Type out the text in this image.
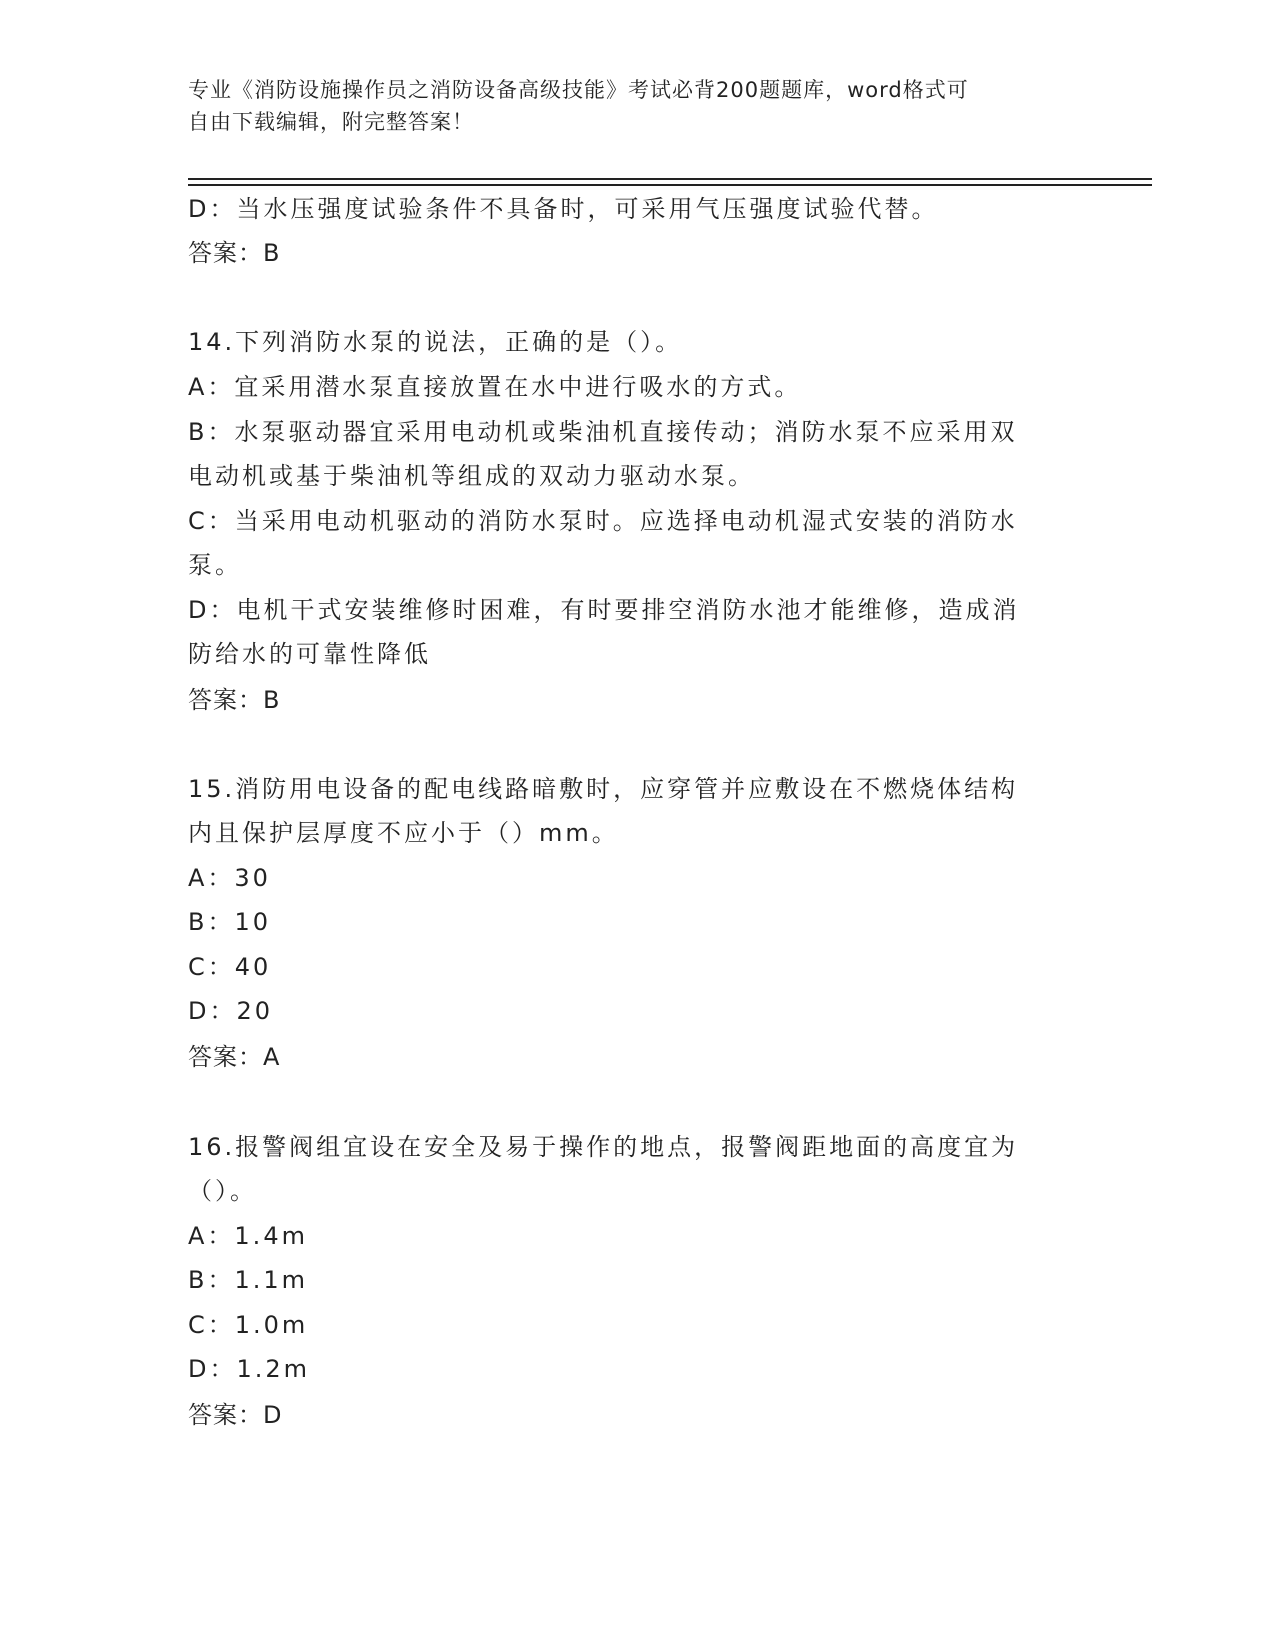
专业《消防设施操作员之消防设备高级技能》考试必背200题题库，word格式可
自由下载编辑，附完整答案！
D：当水压强度试验条件不具备时，可采用气压强度试验代替。
答案：B
14.下列消防水泵的说法，正确的是（）。
A：宜采用潜水泵直接放置在水中进行吸水的方式。
B：水泵驱动器宜采用电动机或柴油机直接传动；消防水泵不应采用双
电动机或基于柴油机等组成的双动力驱动水泵。
C：当采用电动机驱动的消防水泵时。应选择电动机湿式安装的消防水
泵。
D：电机干式安装维修时困难，有时要排空消防水池才能维修，造成消
防给水的可靠性降低
答案：B
15.消防用电设备的配电线路暗敷时，应穿管并应敷设在不燃烧体结构
内且保护层厚度不应小于（）mm。
A：30
B：10
C：40
D：20
答案：A
16.报警阀组宜设在安全及易于操作的地点，报警阀距地面的高度宜为
（）。
A：1.4m
B：1.1m
C：1.0m
D：1.2m
答案：D
